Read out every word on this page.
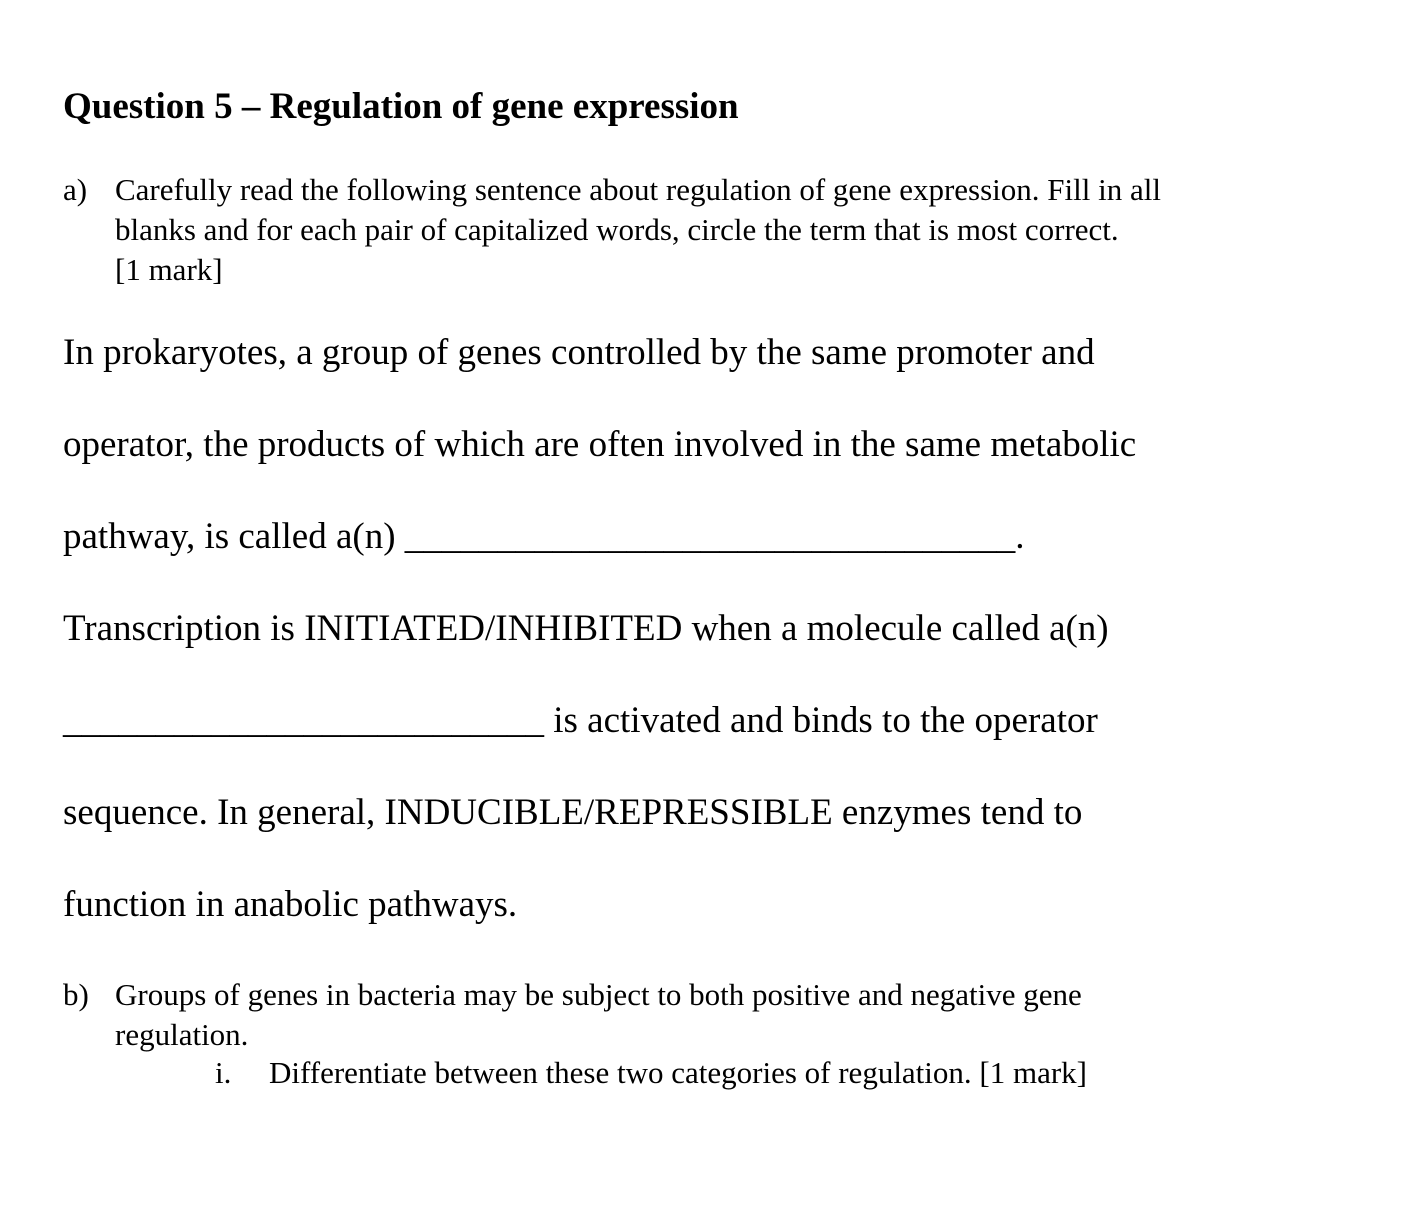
Question 5 – Regulation of gene expression
a) Carefully read the following sentence about regulation of gene expression. Fill in all
blanks and for each pair of capitalized words, circle the term that is most correct.
[1 mark]
In prokaryotes, a group of genes controlled by the same promoter and
operator, the products of which are often involved in the same metabolic
pathway, is called a(n) _________________________________.
Transcription is INITIATED/INHIBITED when a molecule called a(n)
__________________________ is activated and binds to the operator
sequence. In general, INDUCIBLE/REPRESSIBLE enzymes tend to
function in anabolic pathways.
b) Groups of genes in bacteria may be subject to both positive and negative gene
regulation.
i. Differentiate between these two categories of regulation. [1 mark]
